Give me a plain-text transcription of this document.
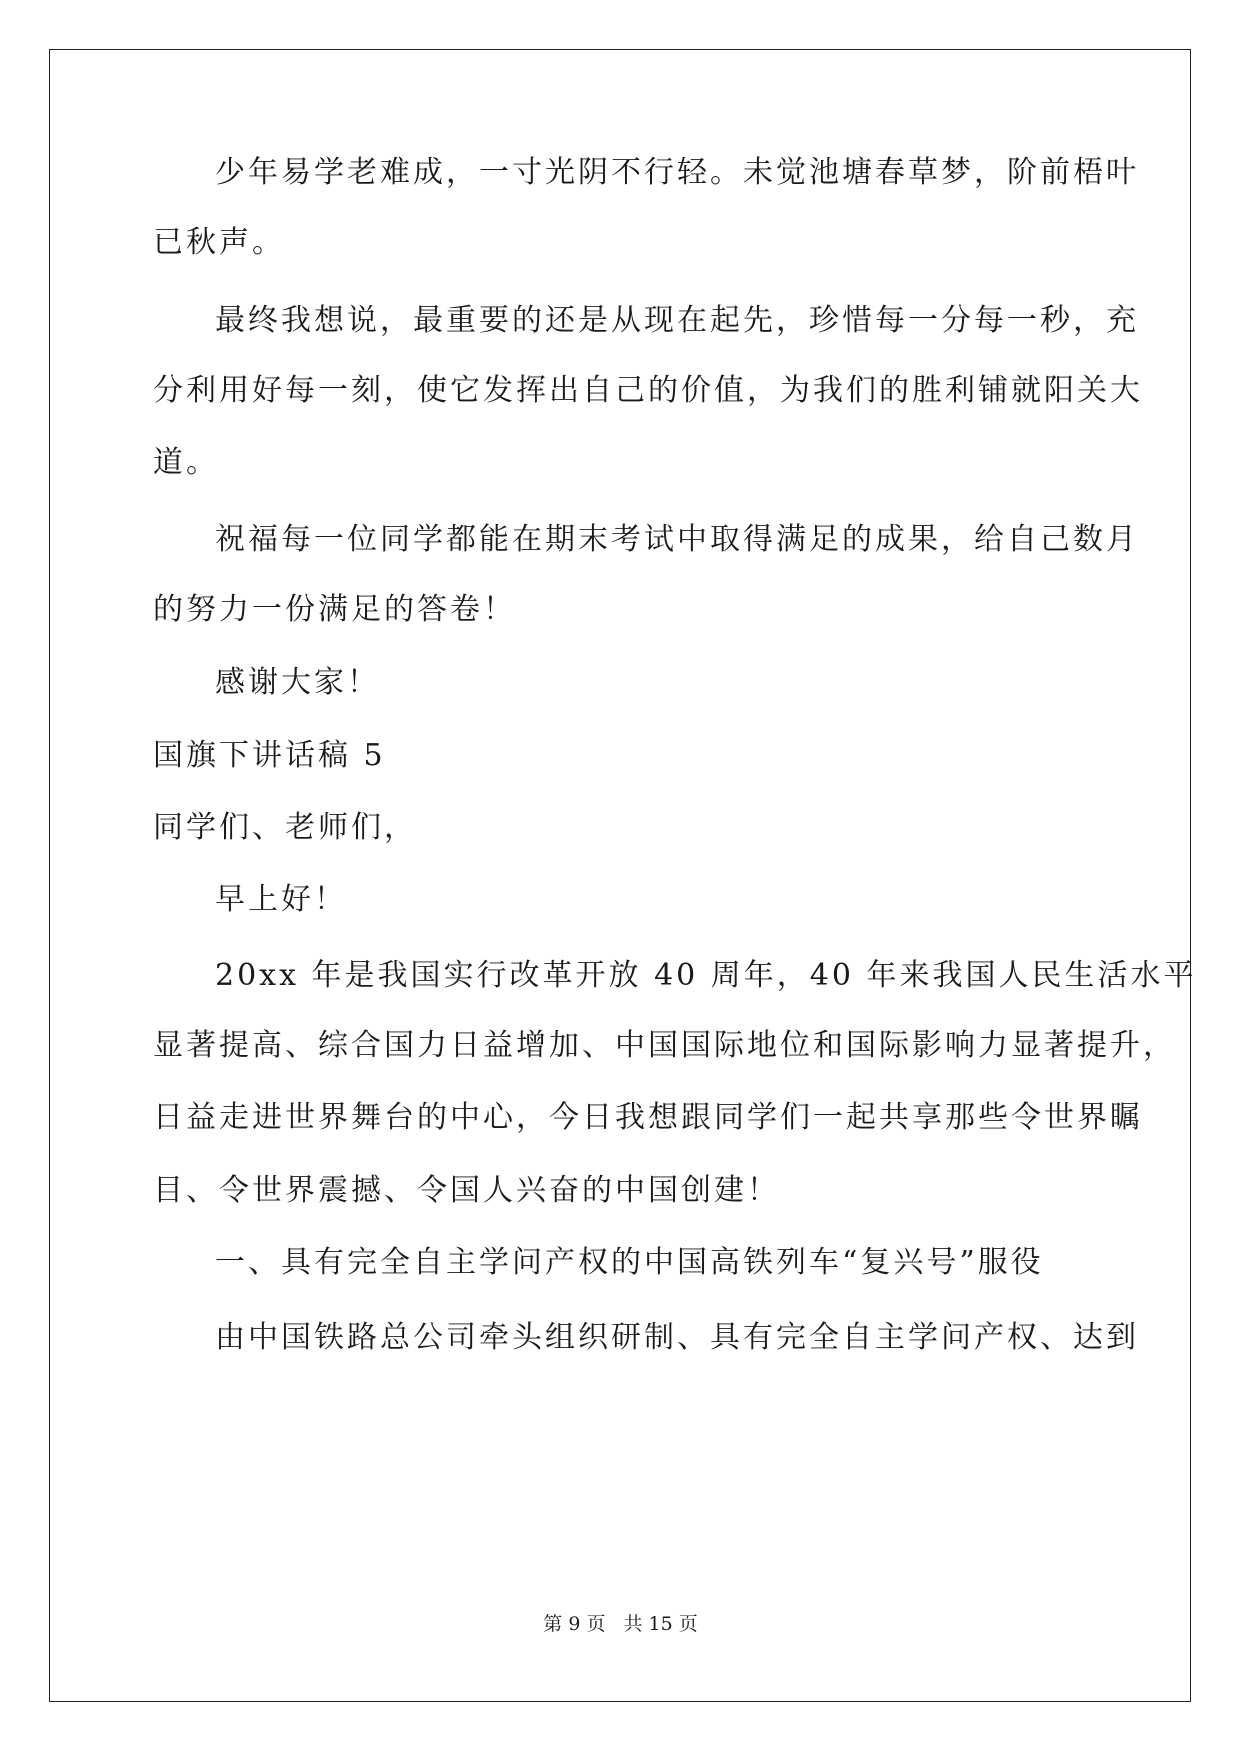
少年易学老难成，一寸光阴不行轻。未觉池塘春草梦，阶前梧叶
已秋声。
最终我想说，最重要的还是从现在起先，珍惜每一分每一秒，充
分利用好每一刻，使它发挥出自己的价值，为我们的胜利铺就阳关大
道。
祝福每一位同学都能在期末考试中取得满足的成果，给自己数月
的努力一份满足的答卷！
感谢大家！
国旗下讲话稿 5
同学们、老师们，
早上好！
20xx 年是我国实行改革开放 40 周年，40 年来我国人民生活水平
显著提高、综合国力日益增加、中国国际地位和国际影响力显著提升，
日益走进世界舞台的中心，今日我想跟同学们一起共享那些令世界瞩
目、令世界震撼、令国人兴奋的中国创建！
一、具有完全自主学问产权的中国高铁列车“复兴号”服役
由中国铁路总公司牵头组织研制、具有完全自主学问产权、达到
第 9 页 共 15 页
